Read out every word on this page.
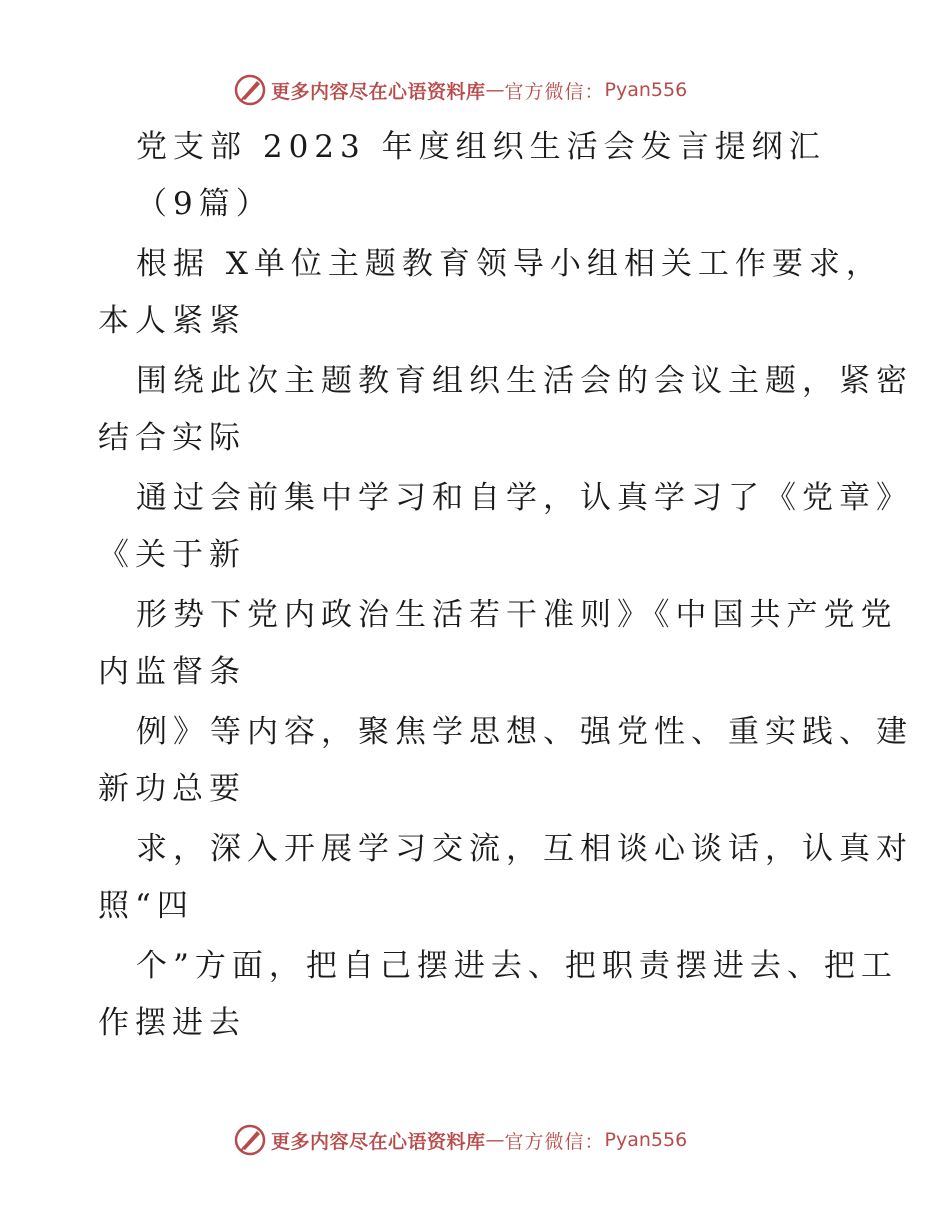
更多内容尽在心语资料库 — 官方微信： Pyan556
党支部 2023 年度组织生活会发言提纲汇
（9篇）
根据 X单位主题教育领导小组相关工作要求，
本人紧紧
围绕此次主题教育组织生活会的会议主题，紧密
结合实际
通过会前集中学习和自学，认真学习了《党章》
《关于新
形势下党内政治生活若干准则》《中国共产党党
内监督条
例》等内容，聚焦学思想、强党性、重实践、建
新功总要
求，深入开展学习交流，互相谈心谈话，认真对
照“四
个”方面，把自己摆进去、把职责摆进去、把工
作摆进去
更多内容尽在心语资料库 — 官方微信： Pyan556
